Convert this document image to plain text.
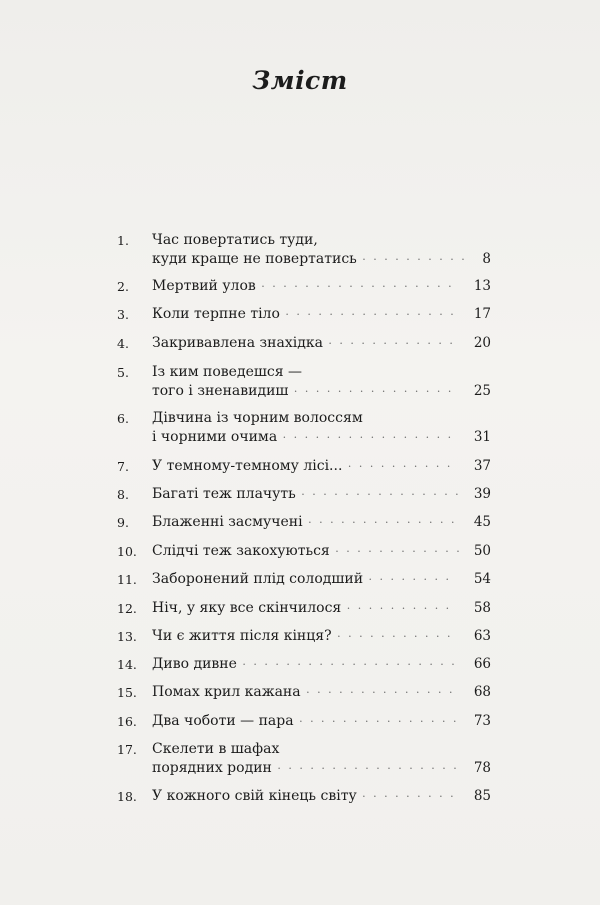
Зміст
1.	Час повертатись туди,
куди краще не повертатись · · · · · · · · · · 8
2.	Мертвий улов · · · · · · · · · · · · · · · · · · 13
3.	Коли терпне тіло · · · · · · · · · · · · · · · · 17
4.	Закривавлена знахідка · · · · · · · · · · · · 20
5.	Із ким поведешся —
того і зненавидиш · · · · · · · · · · · · · · · 25
6.	Дівчина із чорним волоссям
і чорними очима · · · · · · · · · · · · · · · · 31
7.	У темному-темному лісі... · · · · · · · · · · 37
8.	Багаті теж плачуть · · · · · · · · · · · · · · · 39
9.	Блаженні засмучені · · · · · · · · · · · · · · 45
10.	Слідчі теж закохуються · · · · · · · · · · · · 50
11.	Заборонений плід солодший · · · · · · · · 54
12.	Ніч, у яку все скінчилося · · · · · · · · · · 58
13.	Чи є життя після кінця? · · · · · · · · · · · 63
14.	Диво дивне · · · · · · · · · · · · · · · · · · · · 66
15.	Помах крил кажана · · · · · · · · · · · · · · 68
16.	Два чоботи — пара · · · · · · · · · · · · · · · 73
17.	Скелети в шафах
порядних родин · · · · · · · · · · · · · · · · · 78
18.	У кожного свій кінець світу · · · · · · · · · 85
